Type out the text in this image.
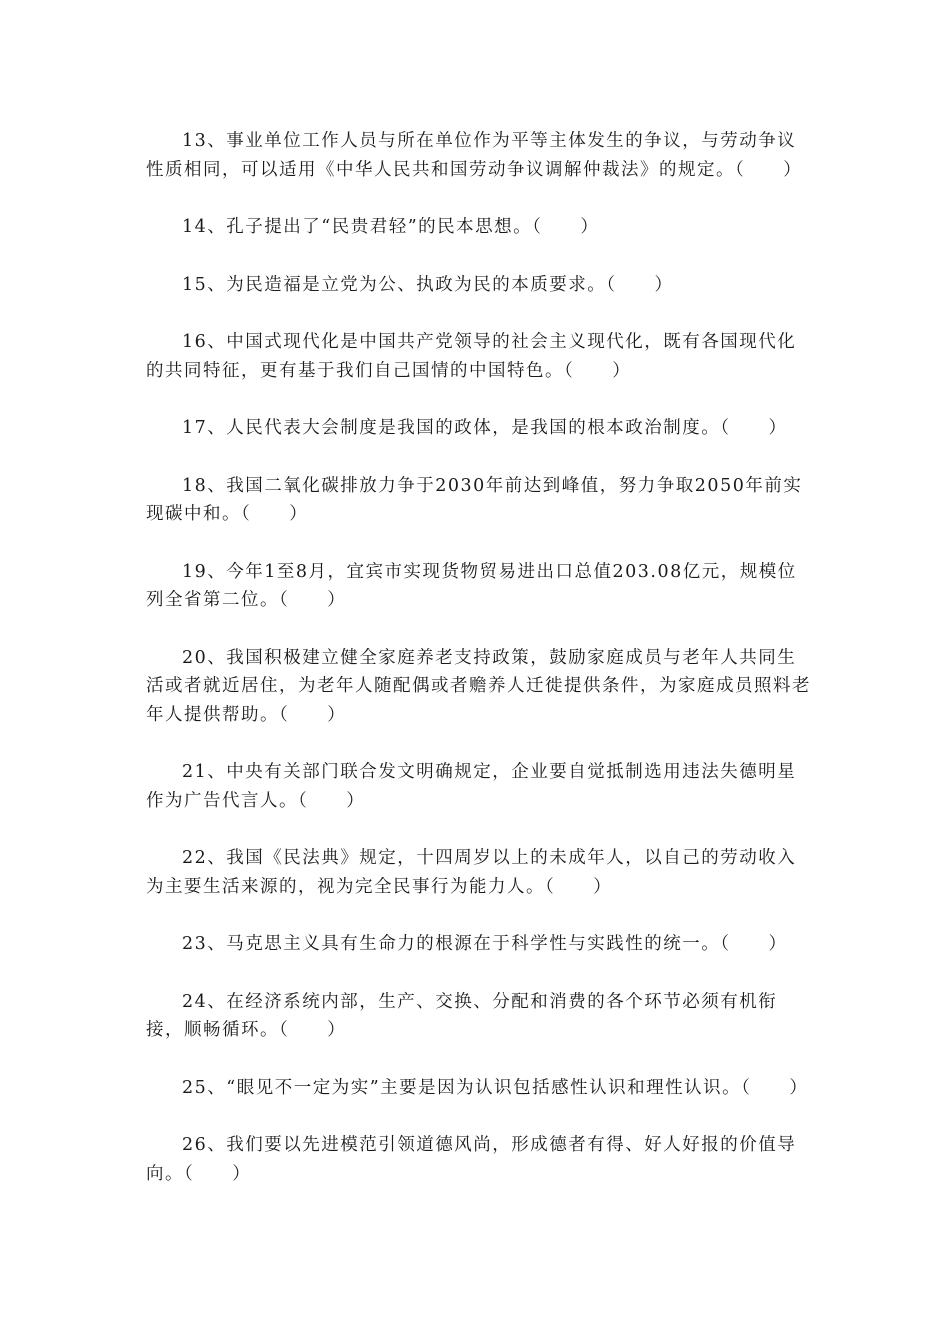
13、事业单位工作人员与所在单位作为平等主体发生的争议，与劳动争议性质相同，可以适用《中华人民共和国劳动争议调解仲裁法》的规定。（　　）

14、孔子提出了“民贵君轻”的民本思想。（　　）

15、为民造福是立党为公、执政为民的本质要求。（　　）

16、中国式现代化是中国共产党领导的社会主义现代化，既有各国现代化的共同特征，更有基于我们自己国情的中国特色。（　　）

17、人民代表大会制度是我国的政体，是我国的根本政治制度。（　　）

18、我国二氧化碳排放力争于2030年前达到峰值，努力争取2050年前实现碳中和。（　　）

19、今年1至8月，宜宾市实现货物贸易进出口总值203.08亿元，规模位列全省第二位。（　　）

20、我国积极建立健全家庭养老支持政策，鼓励家庭成员与老年人共同生活或者就近居住，为老年人随配偶或者赡养人迁徙提供条件，为家庭成员照料老年人提供帮助。（　　）

21、中央有关部门联合发文明确规定，企业要自觉抵制选用违法失德明星作为广告代言人。（　　）

22、我国《民法典》规定，十四周岁以上的未成年人，以自己的劳动收入为主要生活来源的，视为完全民事行为能力人。（　　）

23、马克思主义具有生命力的根源在于科学性与实践性的统一。（　　）

24、在经济系统内部，生产、交换、分配和消费的各个环节必须有机衔接，顺畅循环。（　　）

25、“眼见不一定为实”主要是因为认识包括感性认识和理性认识。（　　）

26、我们要以先进模范引领道德风尚，形成德者有得、好人好报的价值导向。（　　）
